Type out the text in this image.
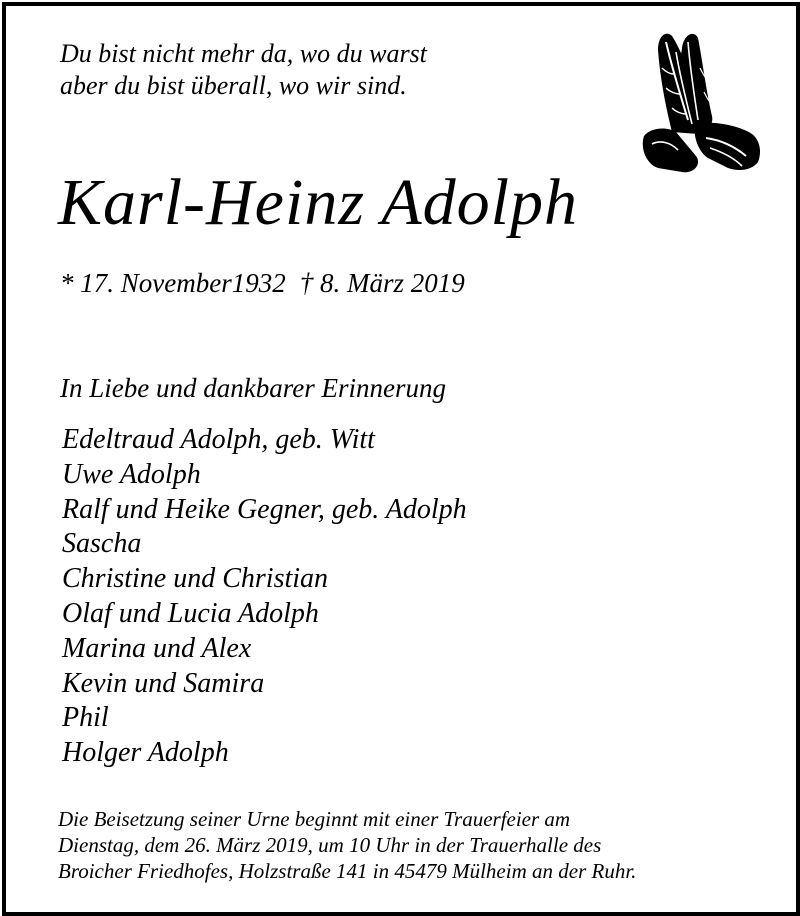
Du bist nicht mehr da, wo du warst
aber du bist überall, wo wir sind.
Karl-Heinz Adolph
* 17. November1932 † 8. März 2019
In Liebe und dankbarer Erinnerung
Edeltraud Adolph, geb. Witt
Uwe Adolph
Ralf und Heike Gegner, geb. Adolph
Sascha
Christine und Christian
Olaf und Lucia Adolph
Marina und Alex
Kevin und Samira
Phil
Holger Adolph
Die Beisetzung seiner Urne beginnt mit einer Trauerfeier am
Dienstag, dem 26. März 2019, um 10 Uhr in der Trauerhalle des
Broicher Friedhofes, Holzstraße 141 in 45479 Mülheim an der Ruhr.
